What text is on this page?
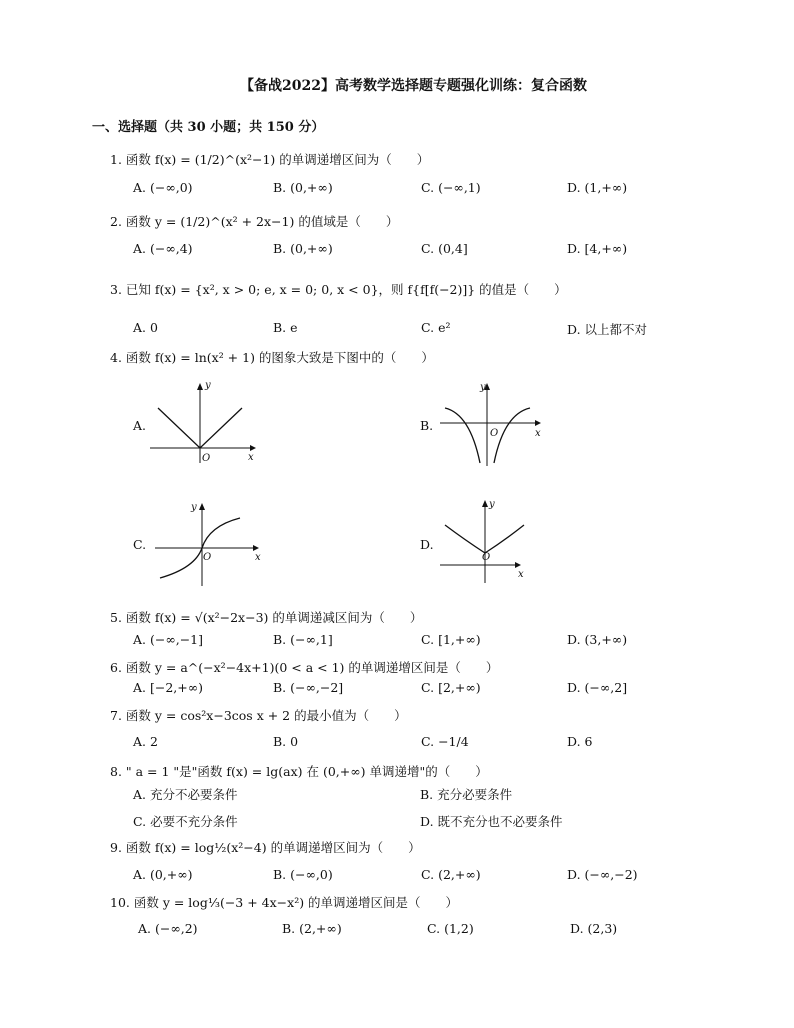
【备战2022】高考数学选择题专题强化训练：复合函数
一、选择题（共 30 小题；共 150 分）
1. 函数 f(x) = (1/2)^(x²−1) 的单调递增区间为（　　）
A. (−∞,0)	B. (0,+∞)	C. (−∞,1)	D. (1,+∞)
2. 函数 y = (1/2)^(x² + 2x−1) 的值域是（　　）
A. (−∞,4)	B. (0,+∞)	C. (0,4]	D. [4,+∞)
3. 已知 f(x) = {x², x > 0; e, x = 0; 0, x < 0}，则 f{f[f(−2)]} 的值是（　　）
A. 0	B. e	C. e²	D. 以上都不对
4. 函数 f(x) = ln(x² + 1) 的图象大致是下图中的（　　）
A.
y
x
O
B.
y
x
O
C.
y
x
O
D.
y
x
O
5. 函数 f(x) = √(x²−2x−3) 的单调递减区间为（　　）
A. (−∞,−1]	B. (−∞,1]	C. [1,+∞)	D. (3,+∞)
6. 函数 y = a^(−x²−4x+1)(0 < a < 1) 的单调递增区间是（　　）
A. [−2,+∞)	B. (−∞,−2]	C. [2,+∞)	D. (−∞,2]
7. 函数 y = cos²x−3cos x + 2 的最小值为（　　）
A. 2	B. 0	C. −1/4	D. 6
8. " a = 1 "是"函数 f(x) = lg(ax) 在 (0,+∞) 单调递增"的（　　）
A. 充分不必要条件	B. 充分必要条件
C. 必要不充分条件	D. 既不充分也不必要条件
9. 函数 f(x) = log½(x²−4) 的单调递增区间为（　　）
A. (0,+∞)	B. (−∞,0)	C. (2,+∞)	D. (−∞,−2)
10. 函数 y = log⅓(−3 + 4x−x²) 的单调递增区间是（　　）
A. (−∞,2)	B. (2,+∞)	C. (1,2)	D. (2,3)
